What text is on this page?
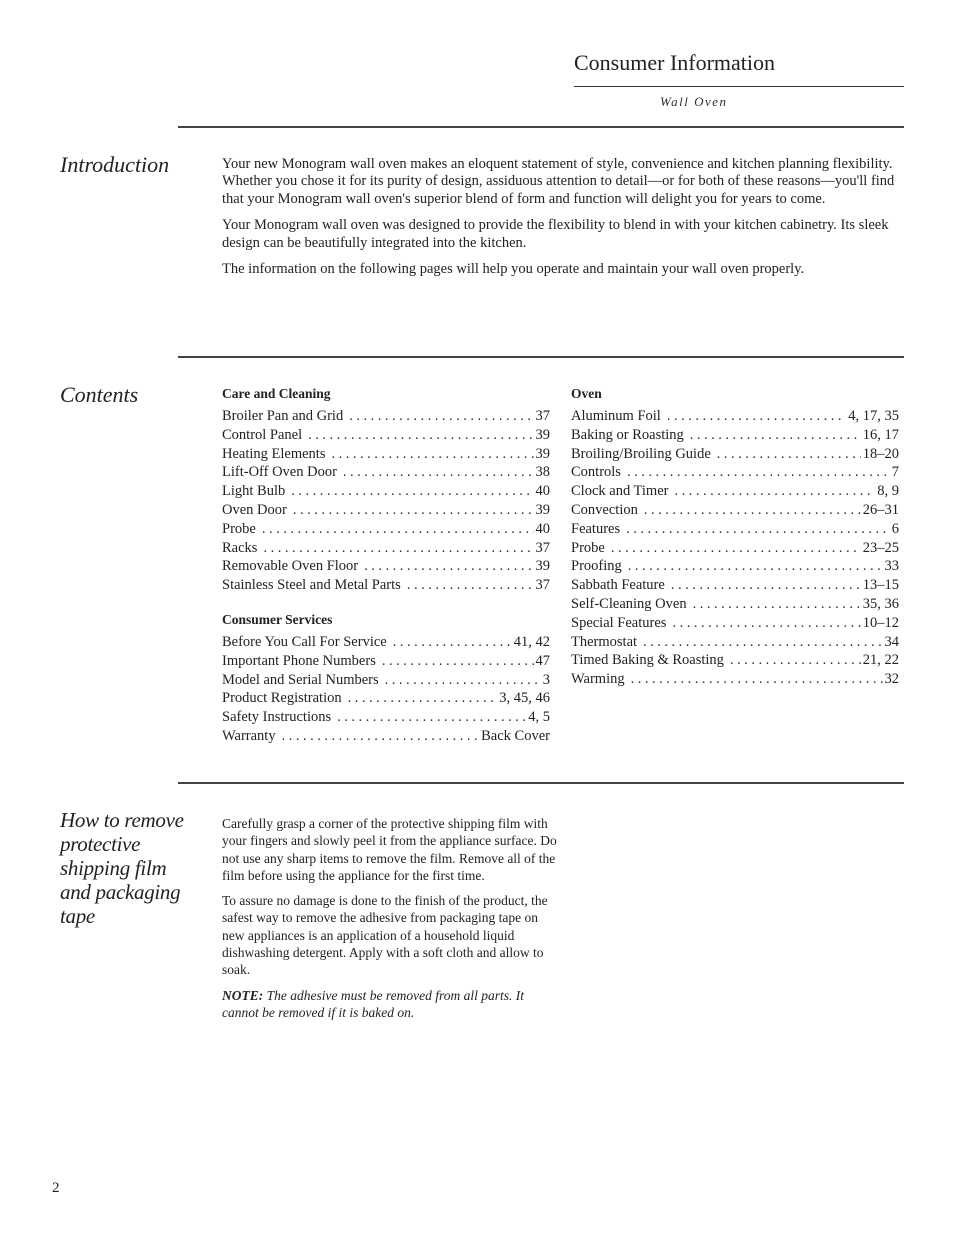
Consumer Information
Wall Oven
Introduction	Your new Monogram wall oven makes an eloquent statement of style, convenience and kitchen planning flexibility. Whether you chose it for its purity of design, assiduous attention to detail—or for both of these reasons—you'll find that your Monogram wall oven's superior blend of form and function will delight you for years to come.

Your Monogram wall oven was designed to provide the flexibility to blend in with your kitchen cabinetry. Its sleek design can be beautifully integrated into the kitchen.

The information on the following pages will help you operate and maintain your wall oven properly.

Contents	Care and Cleaning
Broiler Pan and Grid .....	37
Control Panel .....	39
Heating Elements .....	39
Lift-Off Oven Door .....	38
Light Bulb .....	40
Oven Door .....	39
Probe .....	40
Racks .....	37
Removable Oven Floor .....	39
Stainless Steel and Metal Parts .....	37
Consumer Services
Before You Call For Service .....	41, 42
Important Phone Numbers .....	47
Model and Serial Numbers .....	3
Product Registration .....	3, 45, 46
Safety Instructions .....	4, 5
Warranty .....	Back Cover
Oven
Aluminum Foil .....	4, 17, 35
Baking or Roasting .....	16, 17
Broiling/Broiling Guide .....	18–20
Controls .....	7
Clock and Timer .....	8, 9
Convection .....	26–31
Features .....	6
Probe .....	23–25
Proofing .....	33
Sabbath Feature .....	13–15
Self-Cleaning Oven .....	35, 36
Special Features .....	10–12
Thermostat .....	34
Timed Baking & Roasting .....	21, 22
Warming .....	32
How to remove protective shipping film and packaging tape

Carefully grasp a corner of the protective shipping film with your fingers and slowly peel it from the appliance surface. Do not use any sharp items to remove the film. Remove all of the film before using the appliance for the first time.

To assure no damage is done to the finish of the product, the safest way to remove the adhesive from packaging tape on new appliances is an application of a household liquid dishwashing detergent. Apply with a soft cloth and allow to soak.

NOTE: The adhesive must be removed from all parts. It cannot be removed if it is baked on.

2
